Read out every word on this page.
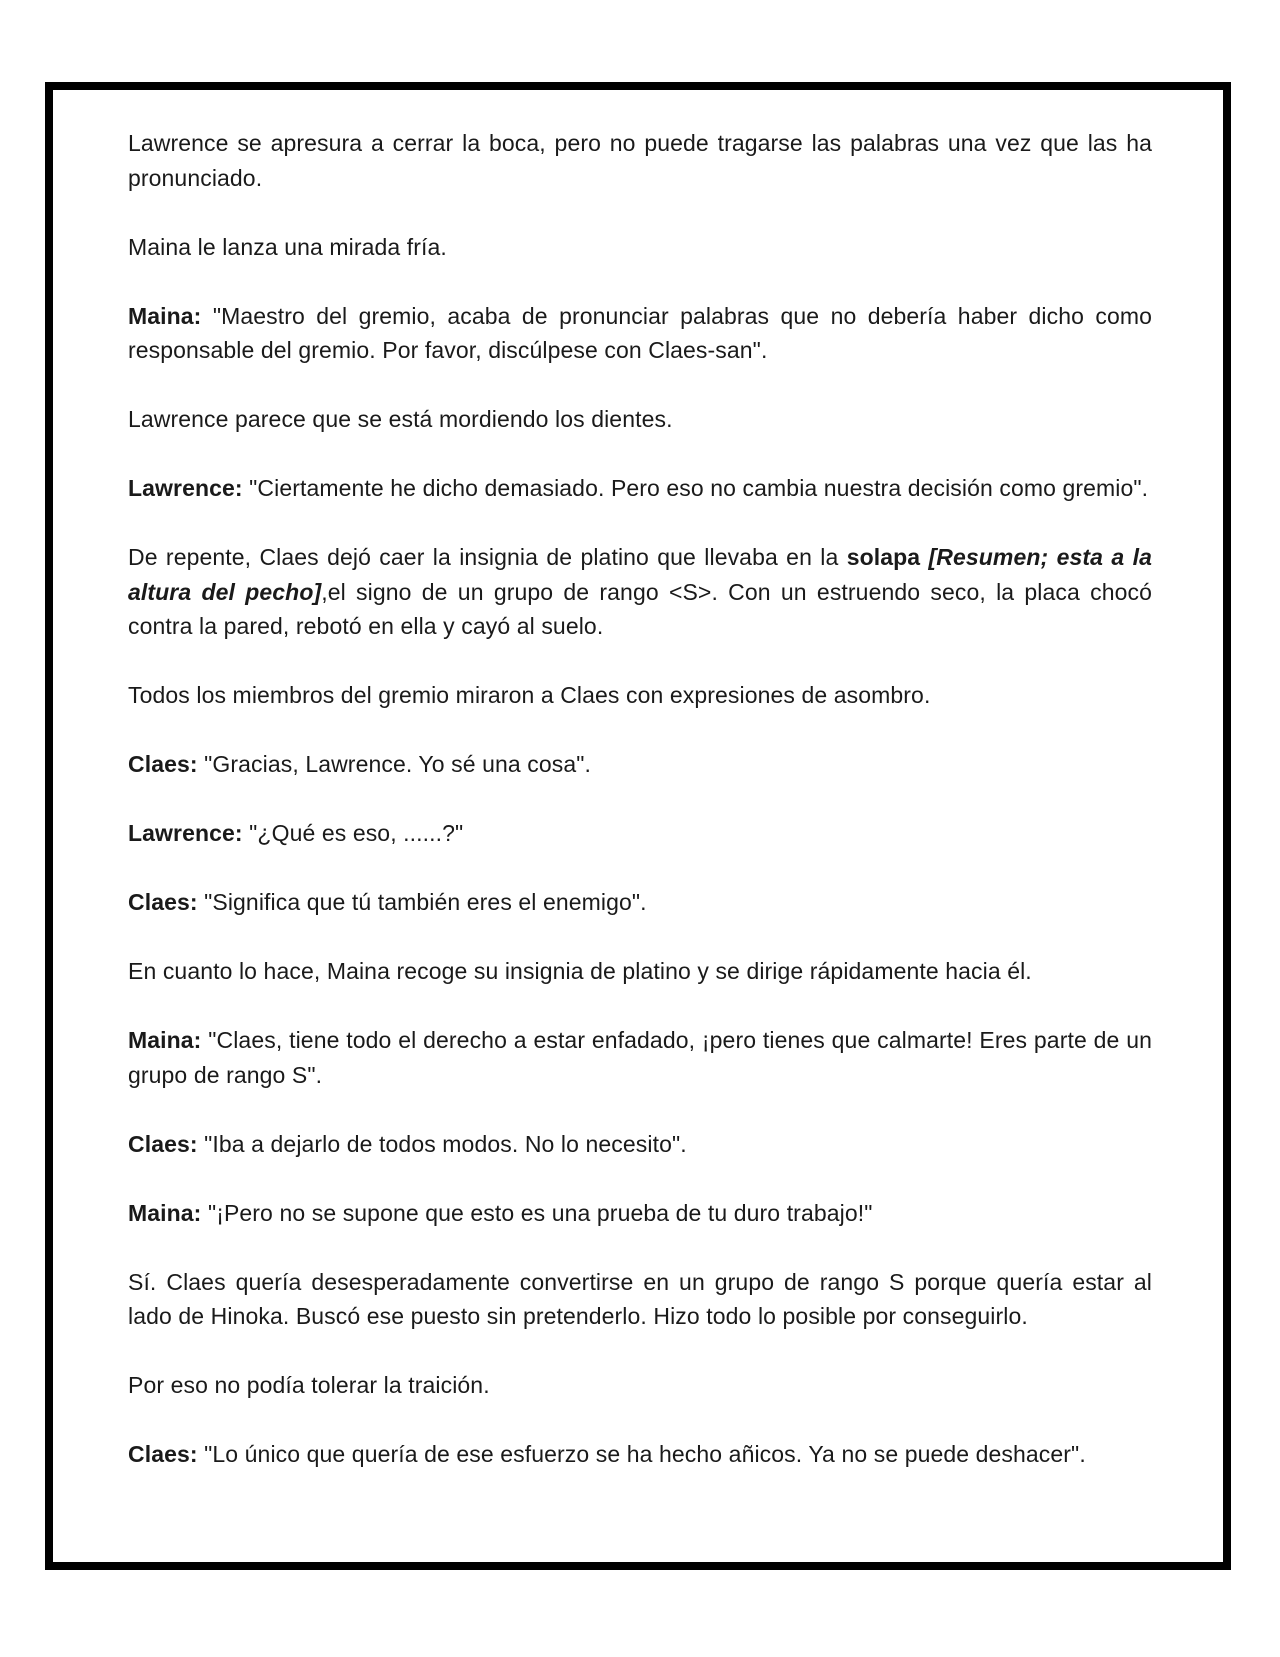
Lawrence se apresura a cerrar la boca, pero no puede tragarse las palabras una vez que las ha pronunciado.

Maina le lanza una mirada fría.

Maina: "Maestro del gremio, acaba de pronunciar palabras que no debería haber dicho como responsable del gremio. Por favor, discúlpese con Claes-san".

Lawrence parece que se está mordiendo los dientes.

Lawrence: "Ciertamente he dicho demasiado. Pero eso no cambia nuestra decisión como gremio".

De repente, Claes dejó caer la insignia de platino que llevaba en la solapa [Resumen; esta a la altura del pecho],el signo de un grupo de rango <S>. Con un estruendo seco, la placa chocó contra la pared, rebotó en ella y cayó al suelo.

Todos los miembros del gremio miraron a Claes con expresiones de asombro.

Claes: "Gracias, Lawrence. Yo sé una cosa".

Lawrence: "¿Qué es eso, ......?"

Claes: "Significa que tú también eres el enemigo".

En cuanto lo hace, Maina recoge su insignia de platino y se dirige rápidamente hacia él.

Maina: "Claes, tiene todo el derecho a estar enfadado, ¡pero tienes que calmarte! Eres parte de un grupo de rango S".

Claes: "Iba a dejarlo de todos modos. No lo necesito".

Maina: "¡Pero no se supone que esto es una prueba de tu duro trabajo!"

Sí. Claes quería desesperadamente convertirse en un grupo de rango S porque quería estar al lado de Hinoka. Buscó ese puesto sin pretenderlo. Hizo todo lo posible por conseguirlo.

Por eso no podía tolerar la traición.

Claes: "Lo único que quería de ese esfuerzo se ha hecho añicos. Ya no se puede deshacer".
